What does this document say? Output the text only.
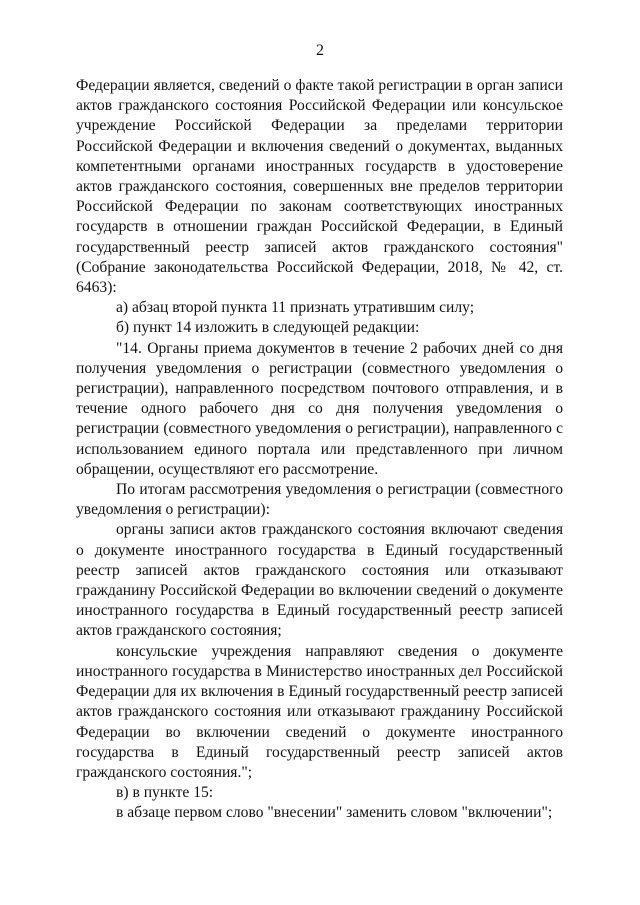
2

Федерации является, сведений о факте такой регистрации в орган записи актов гражданского состояния Российской Федерации или консульское учреждение Российской Федерации за пределами территории Российской Федерации и включения сведений о документах, выданных компетентными органами иностранных государств в удостоверение актов гражданского состояния, совершенных вне пределов территории Российской Федерации по законам соответствующих иностранных государств в отношении граждан Российской Федерации, в Единый государственный реестр записей актов гражданского состояния" (Собрание законодательства Российской Федерации, 2018, № 42, ст. 6463):

а) абзац второй пункта 11 признать утратившим силу;

б) пункт 14 изложить в следующей редакции:

"14. Органы приема документов в течение 2 рабочих дней со дня получения уведомления о регистрации (совместного уведомления о регистрации), направленного посредством почтового отправления, и в течение одного рабочего дня со дня получения уведомления о регистрации (совместного уведомления о регистрации), направленного с использованием единого портала или представленного при личном обращении, осуществляют его рассмотрение.

По итогам рассмотрения уведомления о регистрации (совместного уведомления о регистрации):

органы записи актов гражданского состояния включают сведения о документе иностранного государства в Единый государственный реестр записей актов гражданского состояния или отказывают гражданину Российской Федерации во включении сведений о документе иностранного государства в Единый государственный реестр записей актов гражданского состояния;

консульские учреждения направляют сведения о документе иностранного государства в Министерство иностранных дел Российской Федерации для их включения в Единый государственный реестр записей актов гражданского состояния или отказывают гражданину Российской Федерации во включении сведений о документе иностранного государства в Единый государственный реестр записей актов гражданского состояния.";

в) в пункте 15:

в абзаце первом слово "внесении" заменить словом "включении";
